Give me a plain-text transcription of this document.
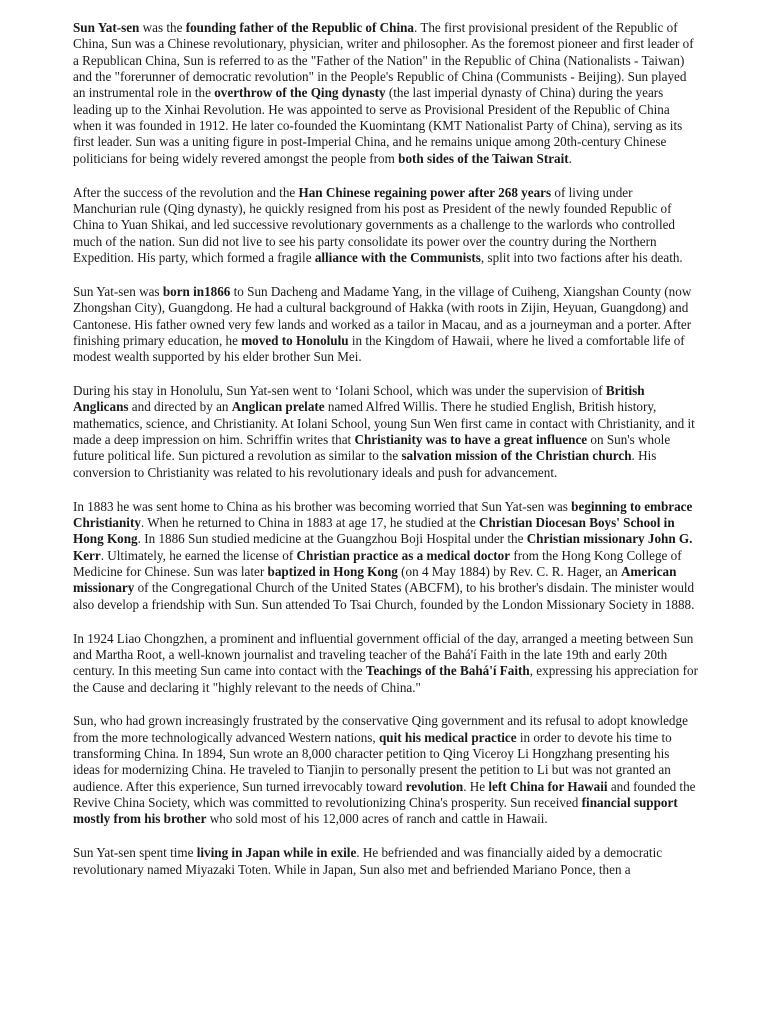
Sun Yat-sen was the founding father of the Republic of China. The first provisional president of the Republic of China, Sun was a Chinese revolutionary, physician, writer and philosopher. As the foremost pioneer and first leader of a Republican China, Sun is referred to as the "Father of the Nation" in the Republic of China (Nationalists - Taiwan) and the "forerunner of democratic revolution" in the People's Republic of China (Communists - Beijing). Sun played an instrumental role in the overthrow of the Qing dynasty (the last imperial dynasty of China) during the years leading up to the Xinhai Revolution. He was appointed to serve as Provisional President of the Republic of China when it was founded in 1912. He later co-founded the Kuomintang (KMT Nationalist Party of China), serving as its first leader. Sun was a uniting figure in post-Imperial China, and he remains unique among 20th-century Chinese politicians for being widely revered amongst the people from both sides of the Taiwan Strait.

After the success of the revolution and the Han Chinese regaining power after 268 years of living under Manchurian rule (Qing dynasty), he quickly resigned from his post as President of the newly founded Republic of China to Yuan Shikai, and led successive revolutionary governments as a challenge to the warlords who controlled much of the nation. Sun did not live to see his party consolidate its power over the country during the Northern Expedition. His party, which formed a fragile alliance with the Communists, split into two factions after his death.

Sun Yat-sen was born in1866 to Sun Dacheng and Madame Yang, in the village of Cuiheng, Xiangshan County (now Zhongshan City), Guangdong. He had a cultural background of Hakka (with roots in Zijin, Heyuan, Guangdong) and Cantonese. His father owned very few lands and worked as a tailor in Macau, and as a journeyman and a porter. After finishing primary education, he moved to Honolulu in the Kingdom of Hawaii, where he lived a comfortable life of modest wealth supported by his elder brother Sun Mei.

During his stay in Honolulu, Sun Yat-sen went to ʻIolani School, which was under the supervision of British Anglicans and directed by an Anglican prelate named Alfred Willis. There he studied English, British history, mathematics, science, and Christianity. At Iolani School, young Sun Wen first came in contact with Christianity, and it made a deep impression on him. Schriffin writes that Christianity was to have a great influence on Sun's whole future political life. Sun pictured a revolution as similar to the salvation mission of the Christian church. His conversion to Christianity was related to his revolutionary ideals and push for advancement.

In 1883 he was sent home to China as his brother was becoming worried that Sun Yat-sen was beginning to embrace Christianity. When he returned to China in 1883 at age 17, he studied at the Christian Diocesan Boys' School in Hong Kong. In 1886 Sun studied medicine at the Guangzhou Boji Hospital under the Christian missionary John G. Kerr. Ultimately, he earned the license of Christian practice as a medical doctor from the Hong Kong College of Medicine for Chinese. Sun was later baptized in Hong Kong (on 4 May 1884) by Rev. C. R. Hager, an American missionary of the Congregational Church of the United States (ABCFM), to his brother's disdain. The minister would also develop a friendship with Sun. Sun attended To Tsai Church, founded by the London Missionary Society in 1888.

In 1924 Liao Chongzhen, a prominent and influential government official of the day, arranged a meeting between Sun and Martha Root, a well-known journalist and traveling teacher of the Bahá'í Faith in the late 19th and early 20th century. In this meeting Sun came into contact with the Teachings of the Bahá'í Faith, expressing his appreciation for the Cause and declaring it "highly relevant to the needs of China."

Sun, who had grown increasingly frustrated by the conservative Qing government and its refusal to adopt knowledge from the more technologically advanced Western nations, quit his medical practice in order to devote his time to transforming China. In 1894, Sun wrote an 8,000 character petition to Qing Viceroy Li Hongzhang presenting his ideas for modernizing China. He traveled to Tianjin to personally present the petition to Li but was not granted an audience. After this experience, Sun turned irrevocably toward revolution. He left China for Hawaii and founded the Revive China Society, which was committed to revolutionizing China's prosperity. Sun received financial support mostly from his brother who sold most of his 12,000 acres of ranch and cattle in Hawaii.

Sun Yat-sen spent time living in Japan while in exile. He befriended and was financially aided by a democratic revolutionary named Miyazaki Toten. While in Japan, Sun also met and befriended Mariano Ponce, then a
